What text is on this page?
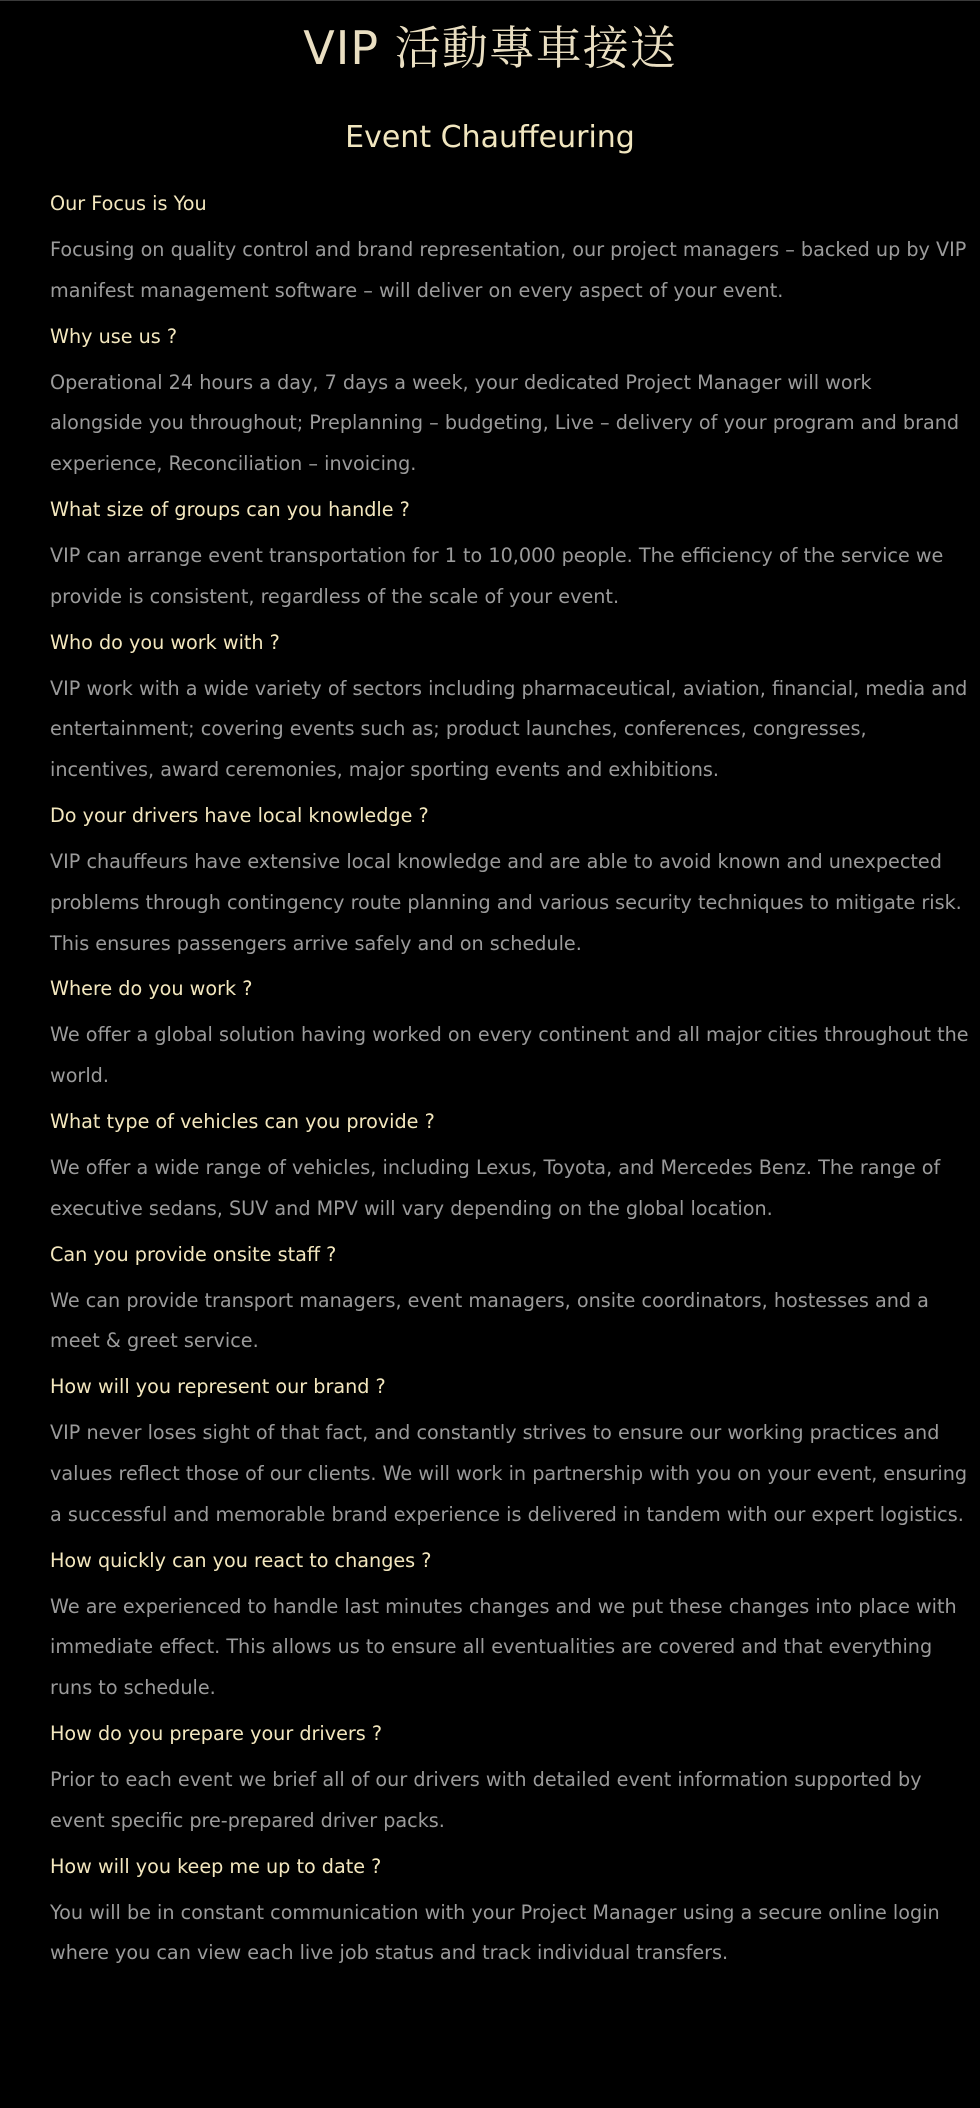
VIP 活動專車接送
Event Chauffeuring

Our Focus is You

Focusing on quality control and brand representation, our project managers – backed up by VIP manifest management software – will deliver on every aspect of your event.

Why use us ?

Operational 24 hours a day, 7 days a week, your dedicated Project Manager will work alongside you throughout; Preplanning – budgeting, Live – delivery of your program and brand experience, Reconciliation – invoicing.

What size of groups can you handle ?

VIP can arrange event transportation for 1 to 10,000 people. The efficiency of the service we provide is consistent, regardless of the scale of your event.

Who do you work with ?

VIP work with a wide variety of sectors including pharmaceutical, aviation, financial, media and entertainment; covering events such as; product launches, conferences, congresses, incentives, award ceremonies, major sporting events and exhibitions.

Do your drivers have local knowledge ?

VIP chauffeurs have extensive local knowledge and are able to avoid known and unexpected problems through contingency route planning and various security techniques to mitigate risk. This ensures passengers arrive safely and on schedule.

Where do you work ?

We offer a global solution having worked on every continent and all major cities throughout the world.

What type of vehicles can you provide ?

We offer a wide range of vehicles, including Lexus, Toyota, and Mercedes Benz. The range of executive sedans, SUV and MPV will vary depending on the global location.

Can you provide onsite staff ?

We can provide transport managers, event managers, onsite coordinators, hostesses and a meet & greet service.

How will you represent our brand ?

VIP never loses sight of that fact, and constantly strives to ensure our working practices and values reflect those of our clients. We will work in partnership with you on your event, ensuring a successful and memorable brand experience is delivered in tandem with our expert logistics.

How quickly can you react to changes ?

We are experienced to handle last minutes changes and we put these changes into place with immediate effect. This allows us to ensure all eventualities are covered and that everything runs to schedule.

How do you prepare your drivers ?

Prior to each event we brief all of our drivers with detailed event information supported by event specific pre-prepared driver packs.

How will you keep me up to date ?

You will be in constant communication with your Project Manager using a secure online login where you can view each live job status and track individual transfers.
